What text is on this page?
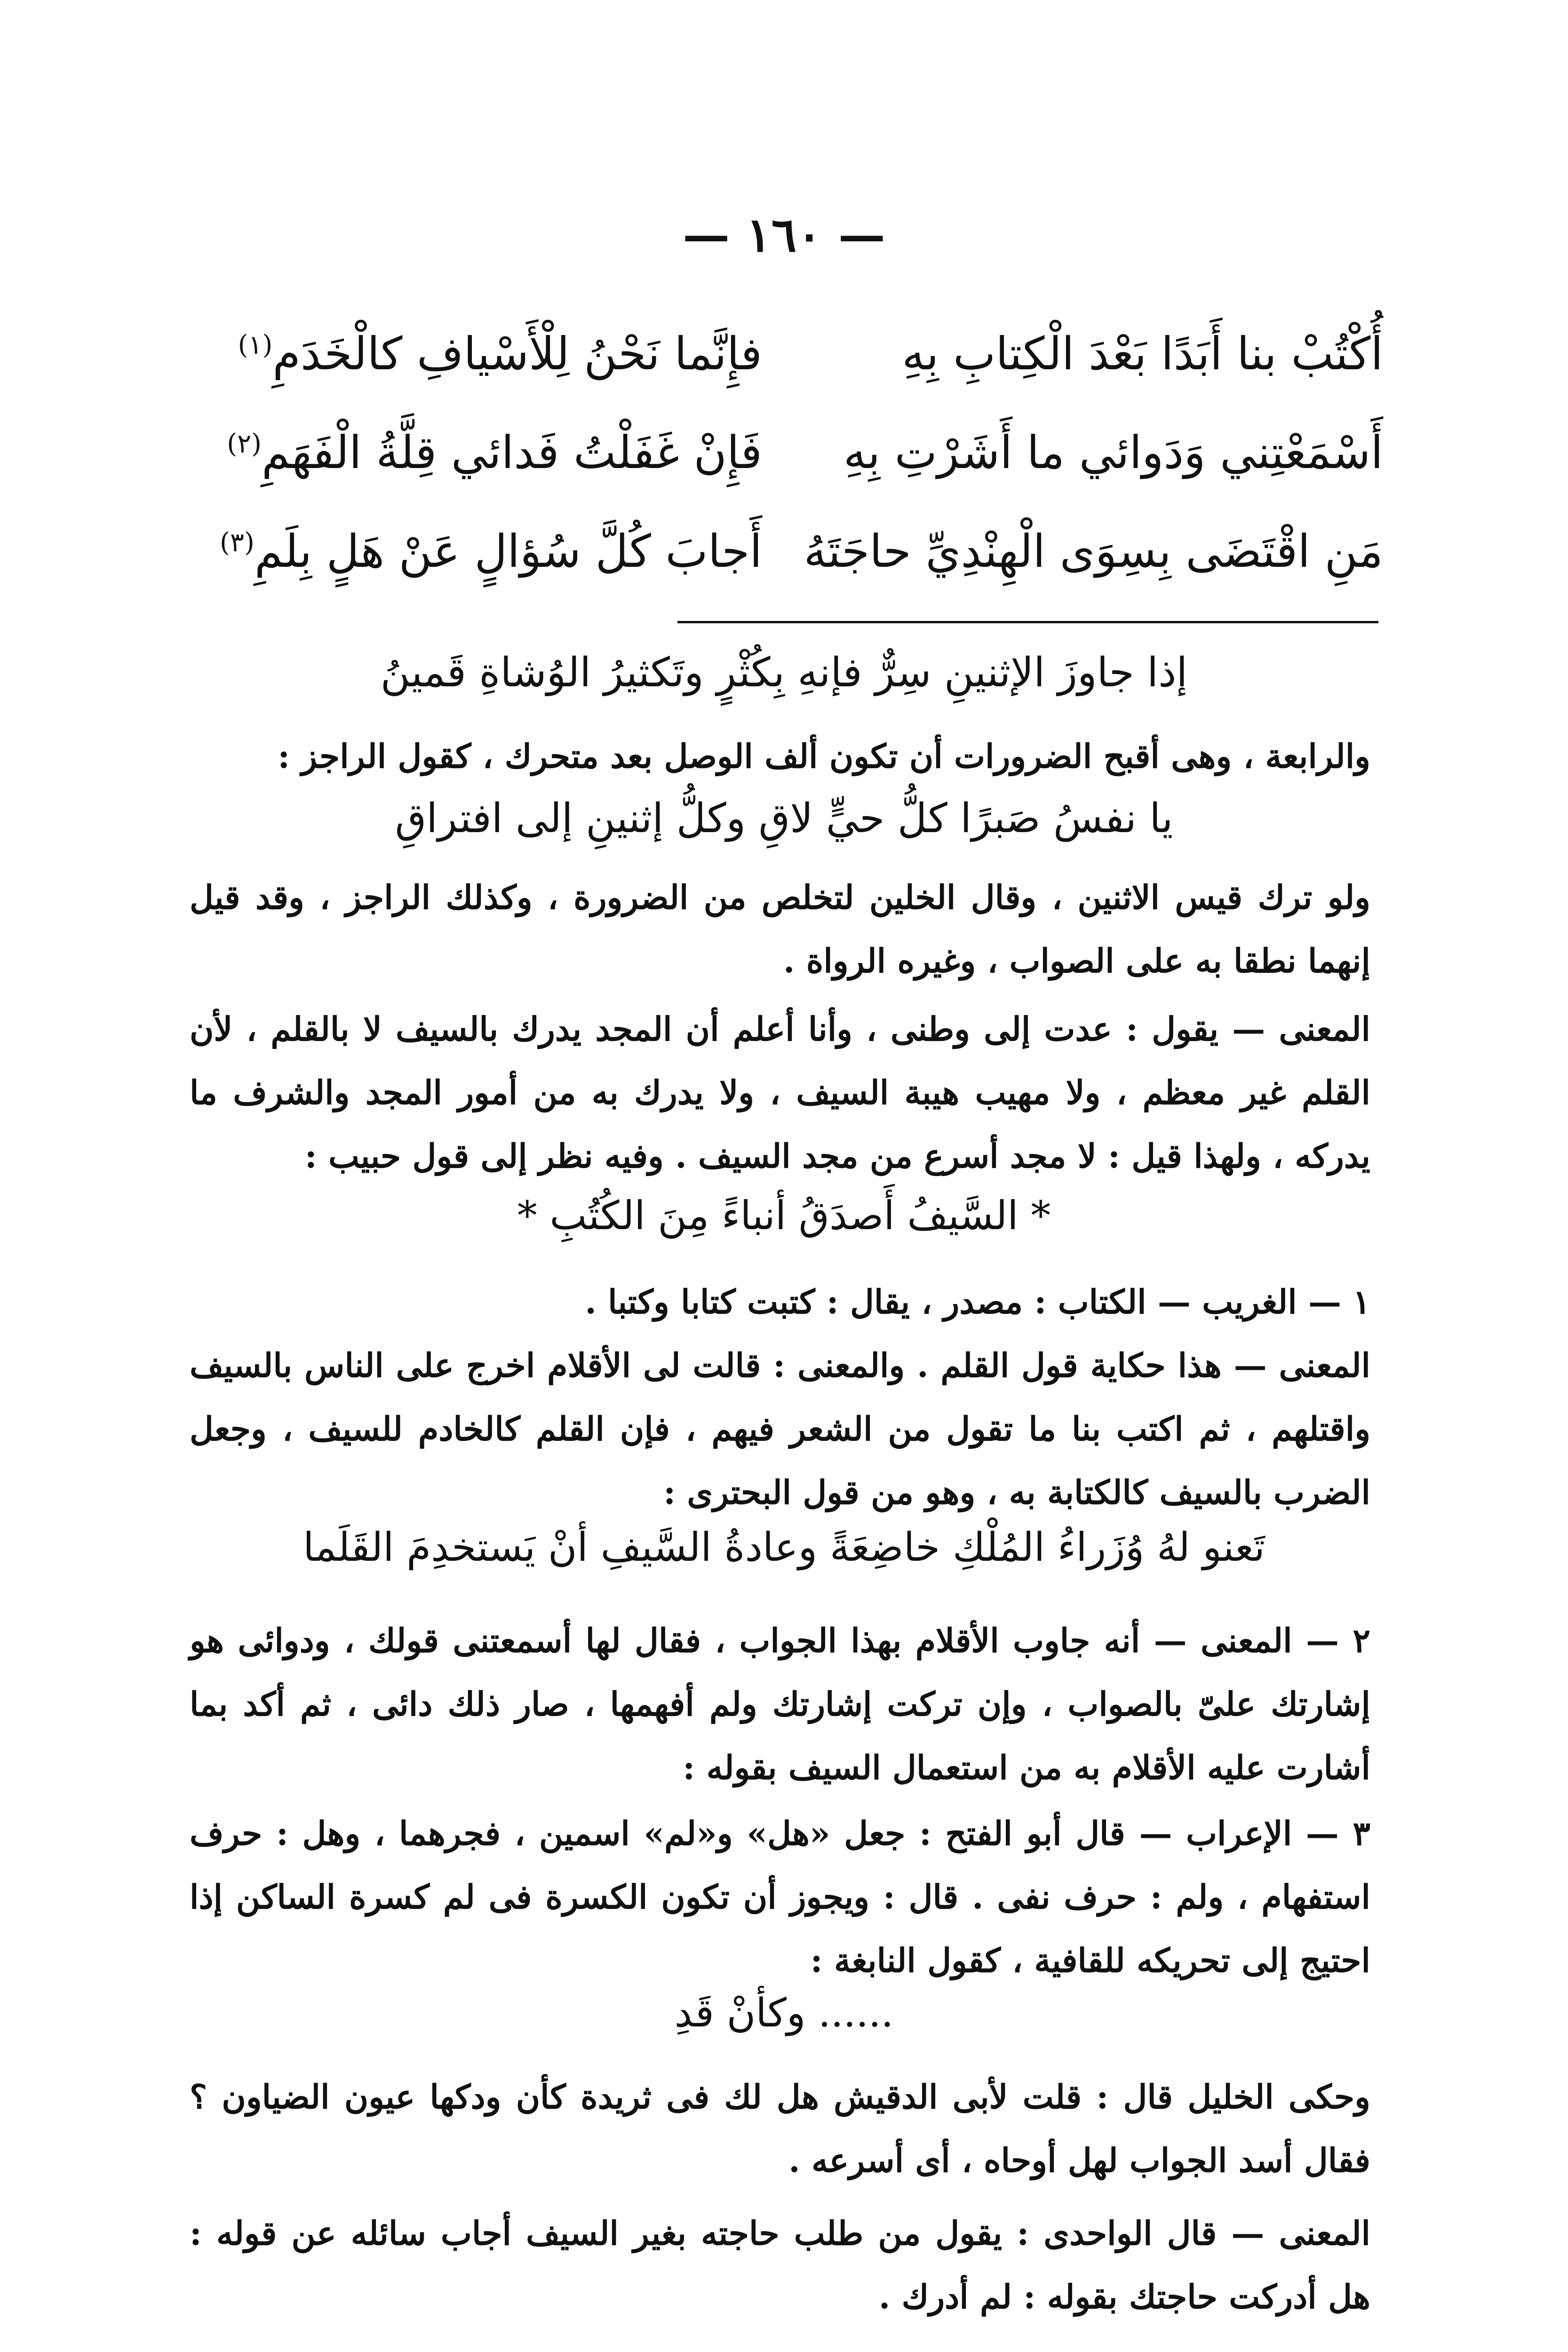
— ١٦٠ —
أُكْتُبْ بنا أَبَدًا بَعْدَ الْكِتابِ بِهِ
فإِنَّما نَحْنُ لِلْأَسْيافِ كالْخَدَمِ$^{(١)}$
أَسْمَعْتِني وَدَوائي ما أَشَرْتِ بِهِ
فَإِنْ غَفَلْتُ فَدائي قِلَّةُ الْفَهَمِ$^{(٢)}$
مَنِ اقْتَضَى بِسِوَى الْهِنْدِيِّ حاجَتَهُ
أَجابَ كُلَّ سُؤالٍ عَنْ هَلٍ بِلَمِ$^{(٣)}$
إذا جاوزَ الإثنينِ سِرٌّ فإنهِ بِكُثْرٍ وتَكثيرُ الوُشاةِ قَمينُ
والرابعة ، وهى أقبح الضرورات أن تكون ألف الوصل بعد متحرك ، كقول الراجز :
يا نفسُ صَبرًا كلُّ حيٍّ لاقِ وكلُّ إثنينِ إلى افتراقِ
ولو ترك قيس الاثنين ، وقال الخلين لتخلص من الضرورة ، وكذلك الراجز ، وقد قيل إنهما نطقا به على الصواب ، وغيره الرواة .
المعنى — يقول : عدت إلى وطنى ، وأنا أعلم أن المجد يدرك بالسيف لا بالقلم ، لأن القلم غير معظم ، ولا مهيب هيبة السيف ، ولا يدرك به من أمور المجد والشرف ما يدركه ، ولهذا قيل : لا مجد أسرع من مجد السيف . وفيه نظر إلى قول حبيب :
* السَّيفُ أَصدَقُ أنباءً مِنَ الكُتُبِ *
١ — الغريب — الكتاب : مصدر ، يقال : كتبت كتابا وكتبا .
المعنى — هذا حكاية قول القلم . والمعنى : قالت لى الأقلام اخرج على الناس بالسيف واقتلهم ، ثم اكتب بنا ما تقول من الشعر فيهم ، فإن القلم كالخادم للسيف ، وجعل الضرب بالسيف كالكتابة به ، وهو من قول البحترى :
تَعنو لهُ وُزَراءُ المُلْكِ خاضِعَةً وعادةُ السَّيفِ أنْ يَستخدِمَ القَلَما
٢ — المعنى — أنه جاوب الأقلام بهذا الجواب ، فقال لها أسمعتنى قولك ، ودوائى هو إشارتك علىّ بالصواب ، وإن تركت إشارتك ولم أفهمها ، صار ذلك دائى ، ثم أكد بما أشارت عليه الأقلام به من استعمال السيف بقوله :
٣ — الإعراب — قال أبو الفتح : جعل «هل» و«لم» اسمين ، فجرهما ، وهل : حرف استفهام ، ولم : حرف نفى . قال : ويجوز أن تكون الكسرة فى لم كسرة الساكن إذا احتيج إلى تحريكه للقافية ، كقول النابغة :
...... وكأنْ قَدِ
وحكى الخليل قال : قلت لأبى الدقيش هل لك فى ثريدة كأن ودكها عيون الضياون ؟ فقال أسد الجواب لهل أوحاه ، أى أسرعه .
المعنى — قال الواحدى : يقول من طلب حاجته بغير السيف أجاب سائله عن قوله : هل أدركت حاجتك بقوله : لم أدرك .
